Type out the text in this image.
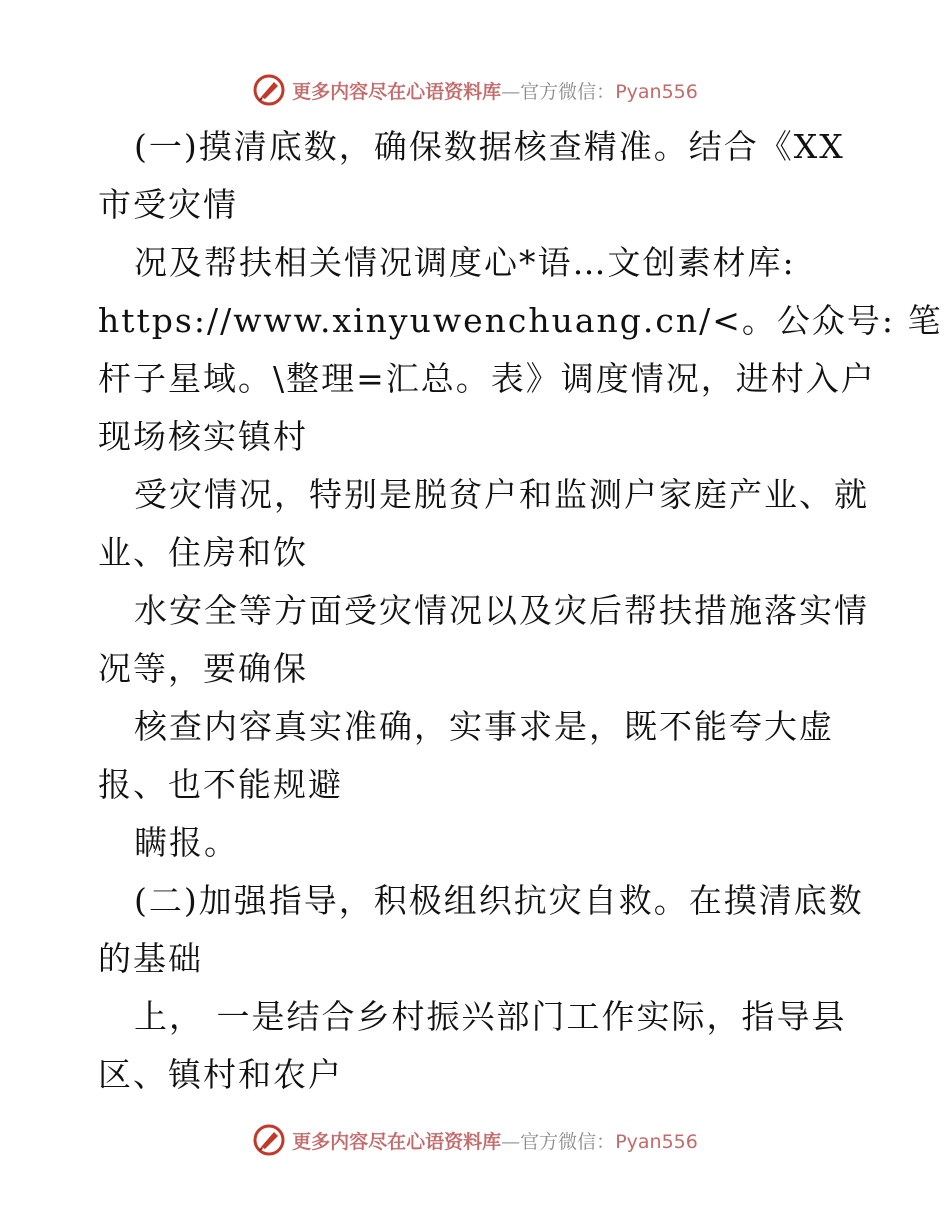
更多内容尽在心语资料库—官方微信：Pyan556
(一)摸清底数，确保数据核查精准。结合《XX
市受灾情
况及帮扶相关情况调度心*语…文创素材库:
https://www.xinyuwenchuang.cn/<。公众号: 笔
杆子星域。\整理=汇总。表》调度情况，进村入户
现场核实镇村
受灾情况，特别是脱贫户和监测户家庭产业、就
业、住房和饮
水安全等方面受灾情况以及灾后帮扶措施落实情
况等，要确保
核查内容真实准确，实事求是，既不能夸大虚
报、也不能规避
瞒报。
(二)加强指导，积极组织抗灾自救。在摸清底数
的基础
上， 一是结合乡村振兴部门工作实际，指导县
区、镇村和农户
更多内容尽在心语资料库—官方微信：Pyan556
